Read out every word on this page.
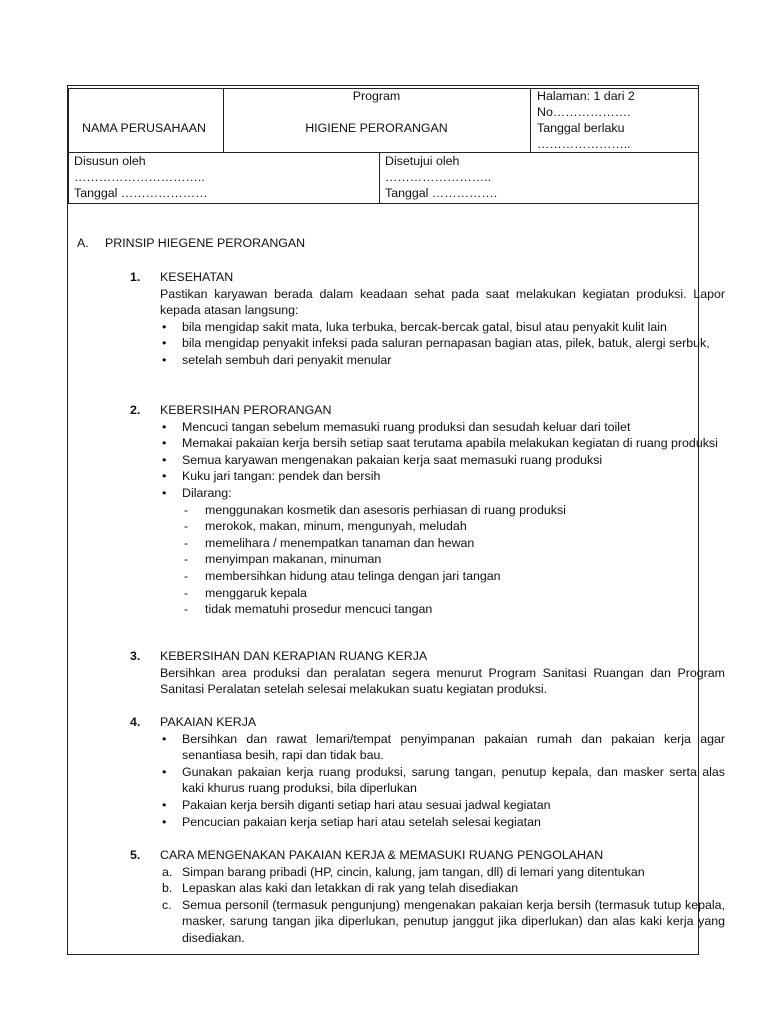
NAMA PERUSAHAAN
Program
HIGIENE PERORANGAN
Halaman: 1 dari 2
No……………….
Tanggal berlaku
…………………..
Disusun oleh
…………………………..
Tanggal …………………
Disetujui oleh
……………………..
Tanggal …………….
A. PRINSIP HIEGENE PERORANGAN
1. KESEHATAN

Pastikan karyawan berada dalam keadaan sehat pada saat melakukan kegiatan produksi. Lapor kepada atasan langsung:

• bila mengidap sakit mata, luka terbuka, bercak-bercak gatal, bisul atau penyakit kulit lain
• bila mengidap penyakit infeksi pada saluran pernapasan bagian atas, pilek, batuk, alergi serbuk,
• setelah sembuh dari penyakit menular
2. KEBERSIHAN PERORANGAN
• Mencuci tangan sebelum memasuki ruang produksi dan sesudah keluar dari toilet
• Memakai pakaian kerja bersih setiap saat terutama apabila melakukan kegiatan di ruang produksi
• Semua karyawan mengenakan pakaian kerja saat memasuki ruang produksi
• Kuku jari tangan: pendek dan bersih
• Dilarang:
- menggunakan kosmetik dan asesoris perhiasan di ruang produksi
- merokok, makan, minum, mengunyah, meludah
- memelihara / menempatkan tanaman dan hewan
- menyimpan makanan, minuman
- membersihkan hidung atau telinga dengan jari tangan
- menggaruk kepala
- tidak mematuhi prosedur mencuci tangan
3. KEBERSIHAN DAN KERAPIAN RUANG KERJA

Bersihkan area produksi dan peralatan segera menurut Program Sanitasi Ruangan dan Program Sanitasi Peralatan setelah selesai melakukan suatu kegiatan produksi.

4. PAKAIAN KERJA
• Bersihkan dan rawat lemari/tempat penyimpanan pakaian rumah dan pakaian kerja agar senantiasa besih, rapi dan tidak bau.
• Gunakan pakaian kerja ruang produksi, sarung tangan, penutup kepala, dan masker serta alas kaki khurus ruang produksi, bila diperlukan
• Pakaian kerja bersih diganti setiap hari atau sesuai jadwal kegiatan
• Pencucian pakaian kerja setiap hari atau setelah selesai kegiatan
5. CARA MENGENAKAN PAKAIAN KERJA & MEMASUKI RUANG PENGOLAHAN
a. Simpan barang pribadi (HP, cincin, kalung, jam tangan, dll) di lemari yang ditentukan
b. Lepaskan alas kaki dan letakkan di rak yang telah disediakan
c. Semua personil (termasuk pengunjung) mengenakan pakaian kerja bersih (termasuk tutup kepala, masker, sarung tangan jika diperlukan, penutup janggut jika diperlukan) dan alas kaki kerja yang disediakan.
